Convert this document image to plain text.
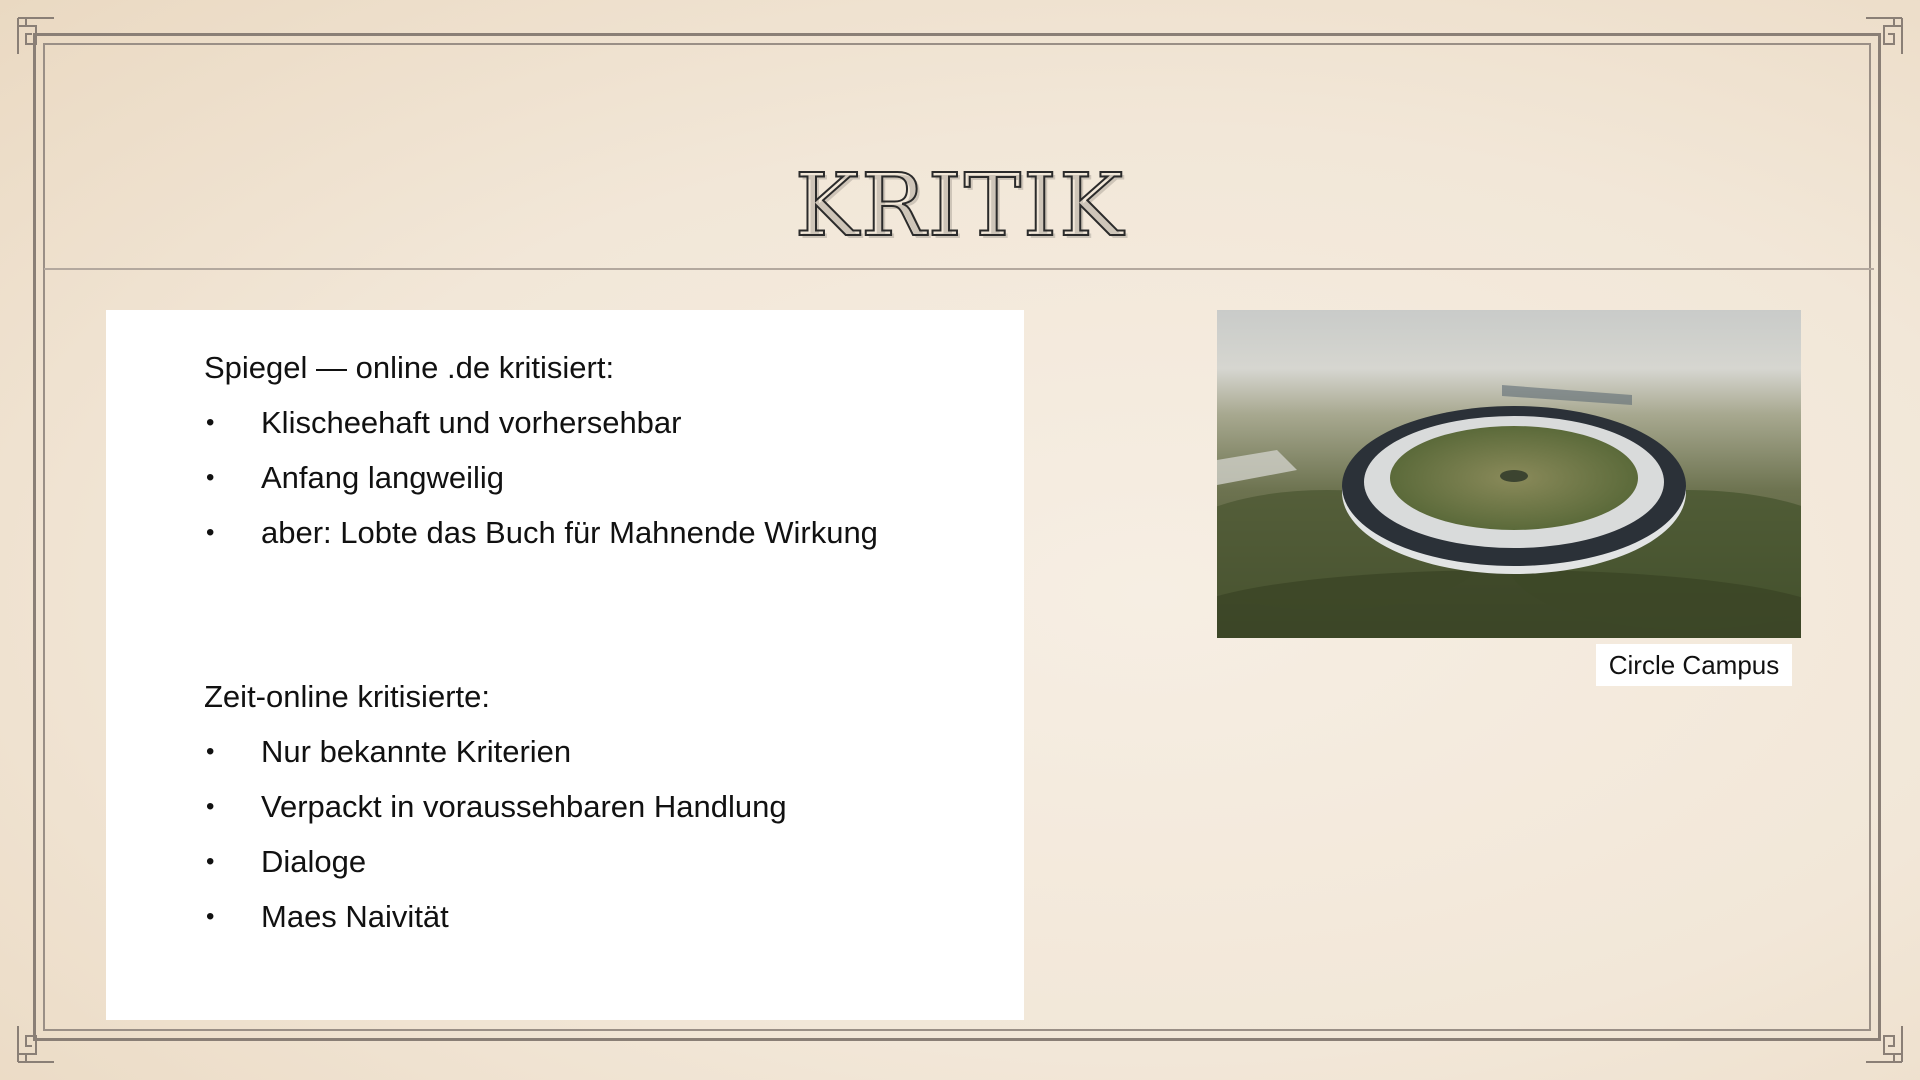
KRITIK

Spiegel — online .de kritisiert:

• Klischeehaft und vorhersehbar
• Anfang langweilig
• aber: Lobte das Buch für Mahnende Wirkung

Zeit-online kritisierte:

• Nur bekannte Kriterien
• Verpackt in voraussehbaren Handlung
• Dialoge
• Maes Naivität
Circle Campus
